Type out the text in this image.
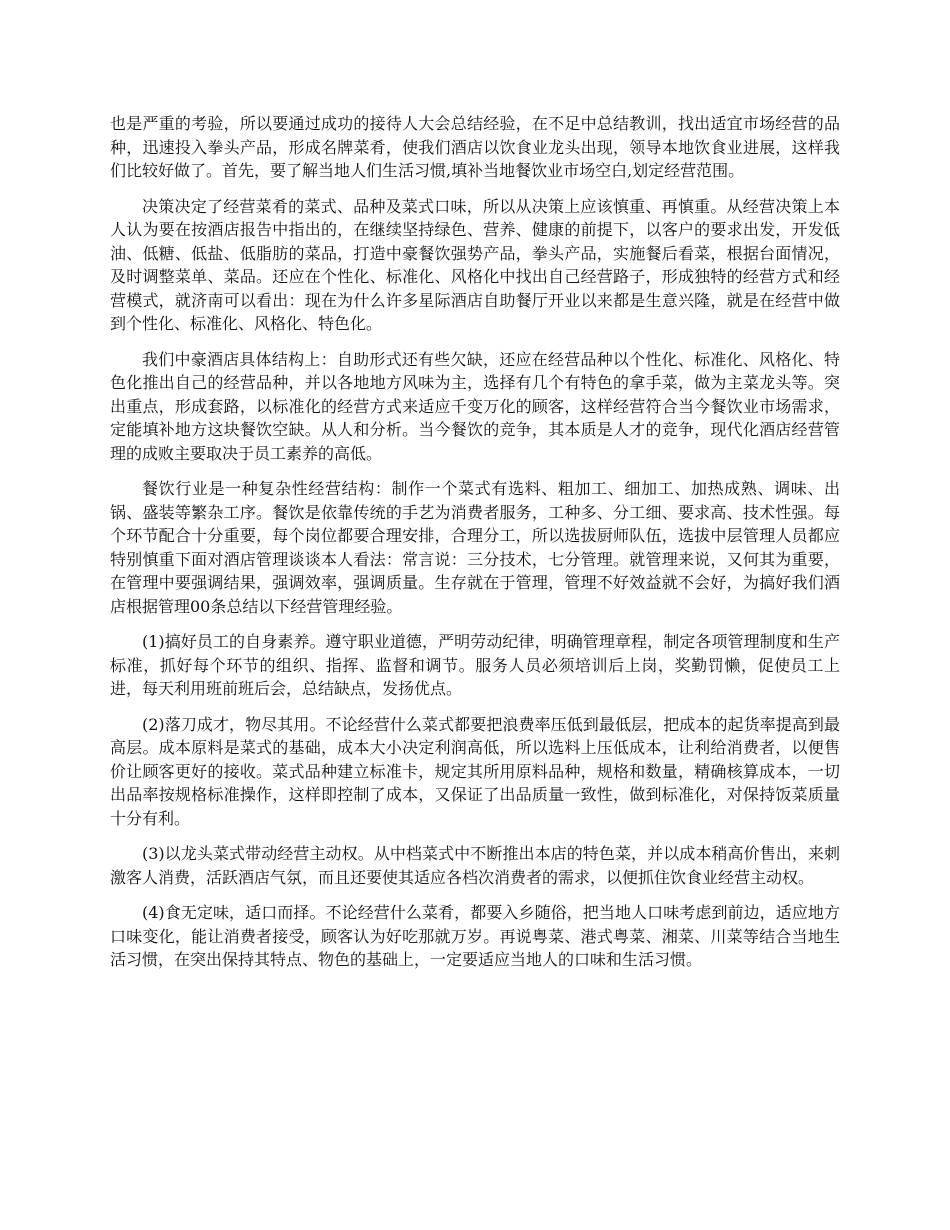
也是严重的考验，所以要通过成功的接待人大会总结经验，在不足中总结教训，找出适宜市场经营的品种，迅速投入拳头产品，形成名牌菜肴，使我们酒店以饮食业龙头出现，领导本地饮食业进展，这样我们比较好做了。首先，要了解当地人们生活习惯,填补当地餐饮业市场空白,划定经营范围。

决策决定了经营菜肴的菜式、品种及菜式口味，所以从决策上应该慎重、再慎重。从经营决策上本人认为要在按酒店报告中指出的，在继续坚持绿色、营养、健康的前提下，以客户的要求出发，开发低油、低糖、低盐、低脂肪的菜品，打造中豪餐饮强势产品，拳头产品，实施餐后看菜，根据台面情况，及时调整菜单、菜品。还应在个性化、标准化、风格化中找出自己经营路子，形成独特的经营方式和经营模式，就济南可以看出：现在为什么许多星际酒店自助餐厅开业以来都是生意兴隆，就是在经营中做到个性化、标准化、风格化、特色化。

我们中豪酒店具体结构上：自助形式还有些欠缺，还应在经营品种以个性化、标准化、风格化、特色化推出自己的经营品种，并以各地地方风味为主，选择有几个有特色的拿手菜，做为主菜龙头等。突出重点，形成套路，以标准化的经营方式来适应千变万化的顾客，这样经营符合当今餐饮业市场需求，定能填补地方这块餐饮空缺。从人和分析。当今餐饮的竞争，其本质是人才的竞争，现代化酒店经营管理的成败主要取决于员工素养的高低。

餐饮行业是一种复杂性经营结构：制作一个菜式有选料、粗加工、细加工、加热成熟、调味、出锅、盛装等繁杂工序。餐饮是依靠传统的手艺为消费者服务，工种多、分工细、要求高、技术性强。每个环节配合十分重要，每个岗位都要合理安排，合理分工，所以选拔厨师队伍，选拔中层管理人员都应特别慎重下面对酒店管理谈谈本人看法：常言说：三分技术，七分管理。就管理来说，又何其为重要，在管理中要强调结果，强调效率，强调质量。生存就在于管理，管理不好效益就不会好，为搞好我们酒店根据管理00条总结以下经营管理经验。

(1)搞好员工的自身素养。遵守职业道德，严明劳动纪律，明确管理章程，制定各项管理制度和生产标准，抓好每个环节的组织、指挥、监督和调节。服务人员必须培训后上岗，奖勤罚懒，促使员工上进，每天利用班前班后会，总结缺点，发扬优点。

(2)落刀成才，物尽其用。不论经营什么菜式都要把浪费率压低到最低层，把成本的起货率提高到最高层。成本原料是菜式的基础，成本大小决定利润高低，所以选料上压低成本，让利给消费者，以便售价让顾客更好的接收。菜式品种建立标准卡，规定其所用原料品种，规格和数量，精确核算成本，一切出品率按规格标准操作，这样即控制了成本，又保证了出品质量一致性，做到标准化，对保持饭菜质量十分有利。

(3)以龙头菜式带动经营主动权。从中档菜式中不断推出本店的特色菜，并以成本稍高价售出，来刺激客人消费，活跃酒店气氛，而且还要使其适应各档次消费者的需求，以便抓住饮食业经营主动权。

(4)食无定味，适口而择。不论经营什么菜肴，都要入乡随俗，把当地人口味考虑到前边，适应地方口味变化，能让消费者接受，顾客认为好吃那就万岁。再说粤菜、港式粤菜、湘菜、川菜等结合当地生活习惯，在突出保持其特点、物色的基础上，一定要适应当地人的口味和生活习惯。
